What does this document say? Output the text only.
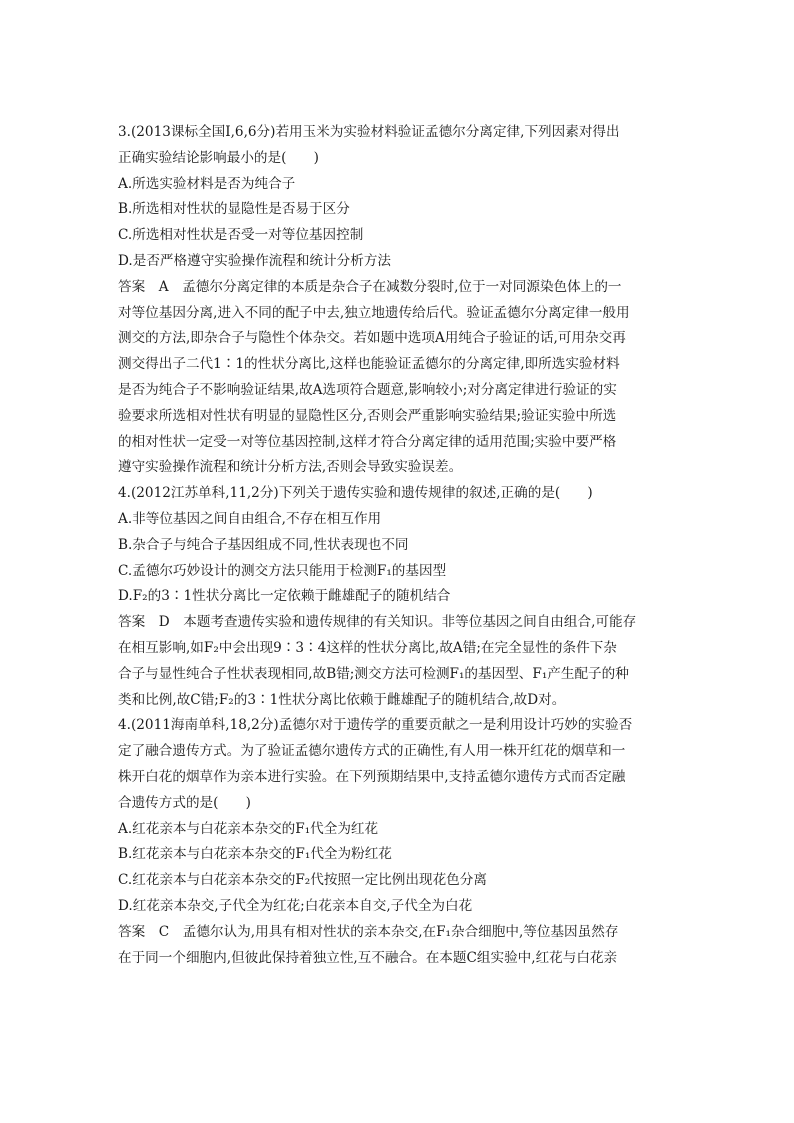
3.(2013课标全国Ⅰ,6,6分)若用玉米为实验材料验证孟德尔分离定律,下列因素对得出
正确实验结论影响最小的是(　　)
A.所选实验材料是否为纯合子
B.所选相对性状的显隐性是否易于区分
C.所选相对性状是否受一对等位基因控制
D.是否严格遵守实验操作流程和统计分析方法
答案　A　孟德尔分离定律的本质是杂合子在减数分裂时,位于一对同源染色体上的一
对等位基因分离,进入不同的配子中去,独立地遗传给后代。验证孟德尔分离定律一般用
测交的方法,即杂合子与隐性个体杂交。若如题中选项A用纯合子验证的话,可用杂交再
测交得出子二代1∶1的性状分离比,这样也能验证孟德尔的分离定律,即所选实验材料
是否为纯合子不影响验证结果,故A选项符合题意,影响较小;对分离定律进行验证的实
验要求所选相对性状有明显的显隐性区分,否则会严重影响实验结果;验证实验中所选
的相对性状一定受一对等位基因控制,这样才符合分离定律的适用范围;实验中要严格
遵守实验操作流程和统计分析方法,否则会导致实验误差。
4.(2012江苏单科,11,2分)下列关于遗传实验和遗传规律的叙述,正确的是(　　)
A.非等位基因之间自由组合,不存在相互作用
B.杂合子与纯合子基因组成不同,性状表现也不同
C.孟德尔巧妙设计的测交方法只能用于检测F₁的基因型
D.F₂的3∶1性状分离比一定依赖于雌雄配子的随机结合
答案　D　本题考查遗传实验和遗传规律的有关知识。非等位基因之间自由组合,可能存
在相互影响,如F₂中会出现9∶3∶4这样的性状分离比,故A错;在完全显性的条件下杂
合子与显性纯合子性状表现相同,故B错;测交方法可检测F₁的基因型、F₁产生配子的种
类和比例,故C错;F₂的3∶1性状分离比依赖于雌雄配子的随机结合,故D对。
4.(2011海南单科,18,2分)孟德尔对于遗传学的重要贡献之一是利用设计巧妙的实验否
定了融合遗传方式。为了验证孟德尔遗传方式的正确性,有人用一株开红花的烟草和一
株开白花的烟草作为亲本进行实验。在下列预期结果中,支持孟德尔遗传方式而否定融
合遗传方式的是(　　)
A.红花亲本与白花亲本杂交的F₁代全为红花
B.红花亲本与白花亲本杂交的F₁代全为粉红花
C.红花亲本与白花亲本杂交的F₂代按照一定比例出现花色分离
D.红花亲本杂交,子代全为红花;白花亲本自交,子代全为白花
答案　C　孟德尔认为,用具有相对性状的亲本杂交,在F₁杂合细胞中,等位基因虽然存
在于同一个细胞内,但彼此保持着独立性,互不融合。在本题C组实验中,红花与白花亲
